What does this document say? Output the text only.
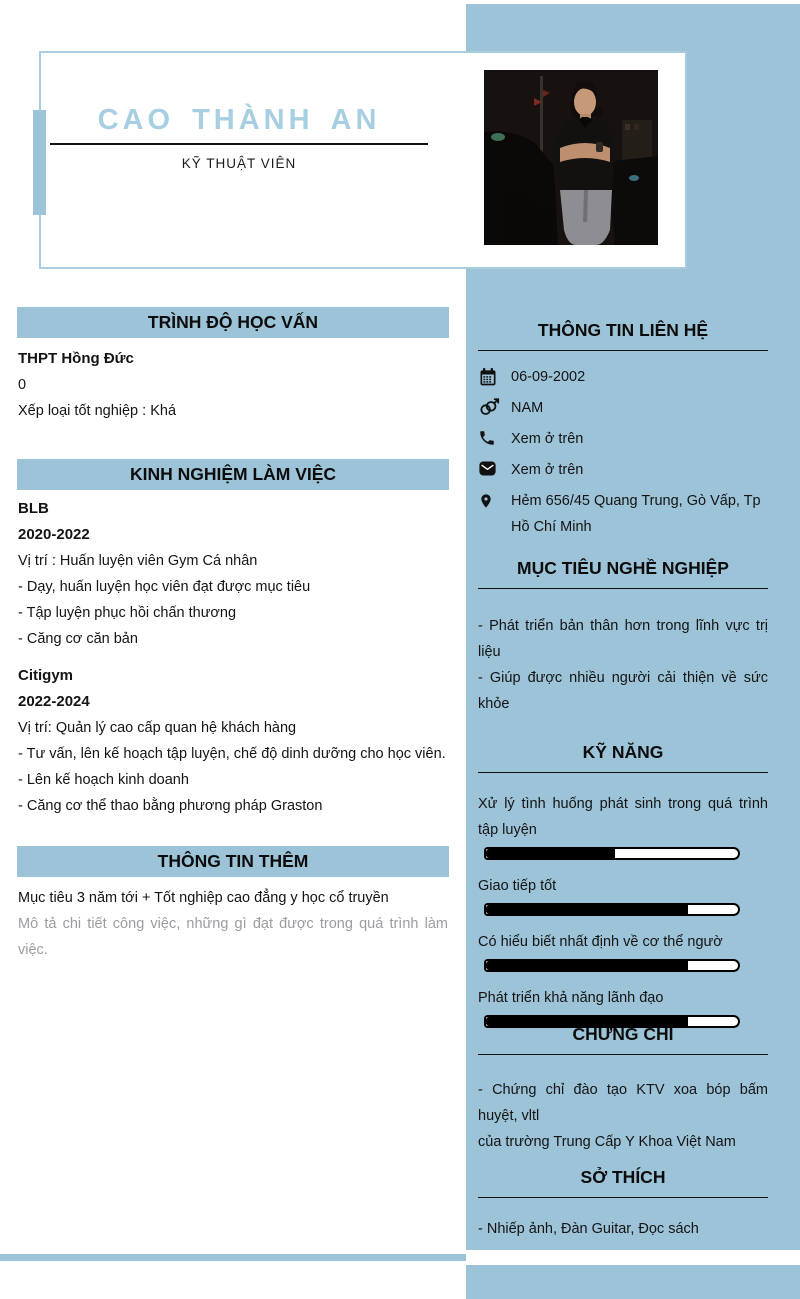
CAO THÀNH AN
KỸ THUẬT VIÊN
TRÌNH ĐỘ HỌC VẤN

THPT Hồng Đức

0

Xếp loại tốt nghiệp : Khá

KINH NGHIỆM LÀM VIỆC

BLB

2020-2022

Vị trí : Huấn luyện viên Gym Cá nhân

- Dạy, huấn luyện học viên đạt được mục tiêu

- Tập luyện phục hồi chấn thương

- Căng cơ căn bản

Citigym

2022-2024

Vị trí: Quản lý cao cấp quan hệ khách hàng

- Tư vấn, lên kế hoạch tập luyện, chế độ dinh dưỡng cho học viên.

- Lên kế hoạch kinh doanh

- Căng cơ thể thao bằng phương pháp Graston

THÔNG TIN THÊM

Mục tiêu 3 năm tới + Tốt nghiệp cao đẳng y học cổ truyền

Mô tả chi tiết công việc, những gì đạt được trong quá trình làm việc.

THÔNG TIN LIÊN HỆ
06-09-2002
NAM
Xem ở trên
Xem ở trên
Hẻm 656/45 Quang Trung, Gò Vấp, Tp Hồ Chí Minh
MỤC TIÊU NGHỀ NGHIỆP

- Phát triển bản thân hơn trong lĩnh vực trị liệu

- Giúp được nhiều người cải thiện về sức khỏe

KỸ NĂNG
Xử lý tình huống phát sinh trong quá trình tập luyện
Giao tiếp tốt
Có hiểu biết nhất định về cơ thể ngườ
Phát triển khả năng lãnh đạo
CHỨNG CHỈ

- Chứng chỉ đào tạo KTV xoa bóp bấm huyệt, vltl

của trường Trung Cấp Y Khoa Việt Nam

SỞ THÍCH

- Nhiếp ảnh, Đàn Guitar, Đọc sách
